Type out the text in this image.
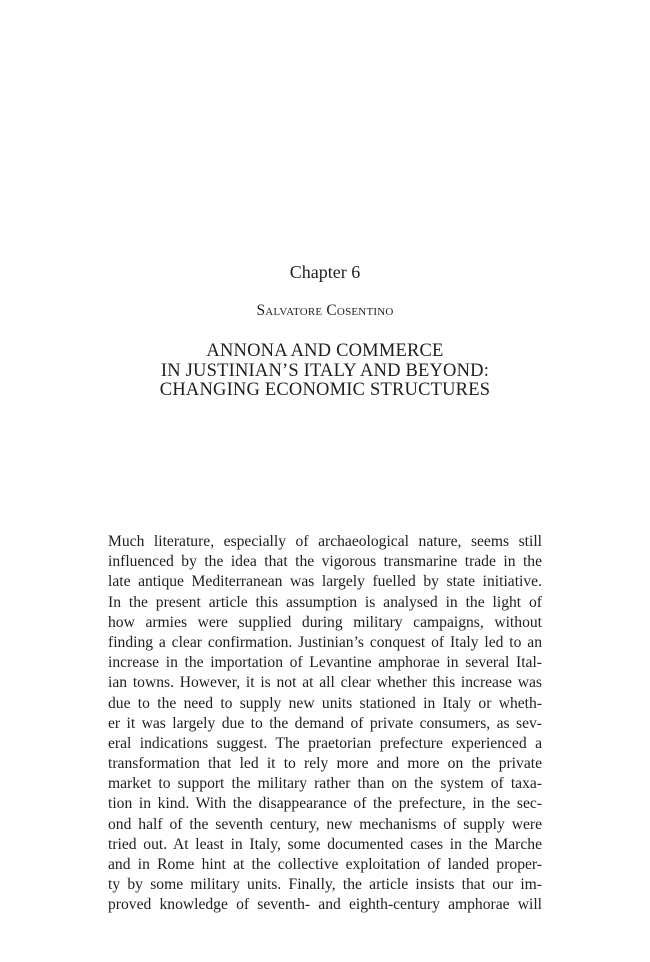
Chapter 6
Salvatore Cosentino
ANNONA AND COMMERCE
IN JUSTINIAN’S ITALY AND BEYOND:
CHANGING ECONOMIC STRUCTURES
Much literature, especially of archaeological nature, seems still
influenced by the idea that the vigorous transmarine trade in the
late antique Mediterranean was largely fuelled by state initiative.
In the present article this assumption is analysed in the light of
how armies were supplied during military campaigns, without
finding a clear confirmation. Justinian’s conquest of Italy led to an
increase in the importation of Levantine amphorae in several Ital-
ian towns. However, it is not at all clear whether this increase was
due to the need to supply new units stationed in Italy or wheth-
er it was largely due to the demand of private consumers, as sev-
eral indications suggest. The praetorian prefecture experienced a
transformation that led it to rely more and more on the private
market to support the military rather than on the system of taxa-
tion in kind. With the disappearance of the prefecture, in the sec-
ond half of the seventh century, new mechanisms of supply were
tried out. At least in Italy, some documented cases in the Marche
and in Rome hint at the collective exploitation of landed proper-
ty by some military units. Finally, the article insists that our im-
proved knowledge of seventh- and eighth-century amphorae will
